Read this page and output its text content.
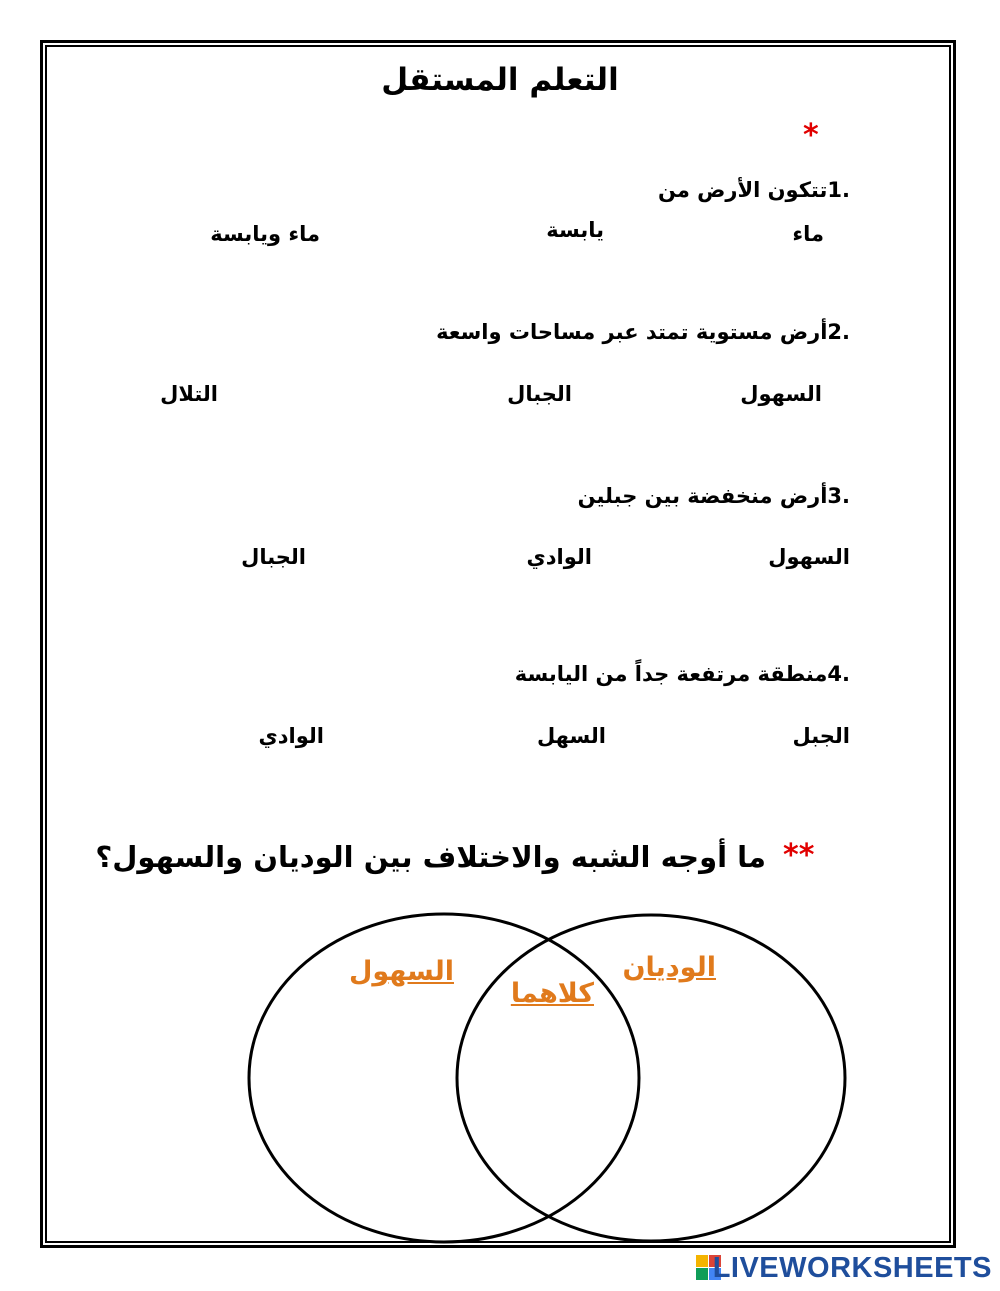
التعلم المستقل
*
1.تتكون الأرض من
ماء
يابسة
ماء ويابسة
2.أرض مستوية تمتد عبر مساحات واسعة
السهول
الجبال
التلال
3.أرض منخفضة بين جبلين
السهول
الوادي
الجبال
4.منطقة مرتفعة جداً من اليابسة
الجبل
السهل
الوادي
**
ما أوجه الشبه والاختلاف بين الوديان والسهول؟
السهول
كلاهما
الوديان
LIVEWORKSHEETS
